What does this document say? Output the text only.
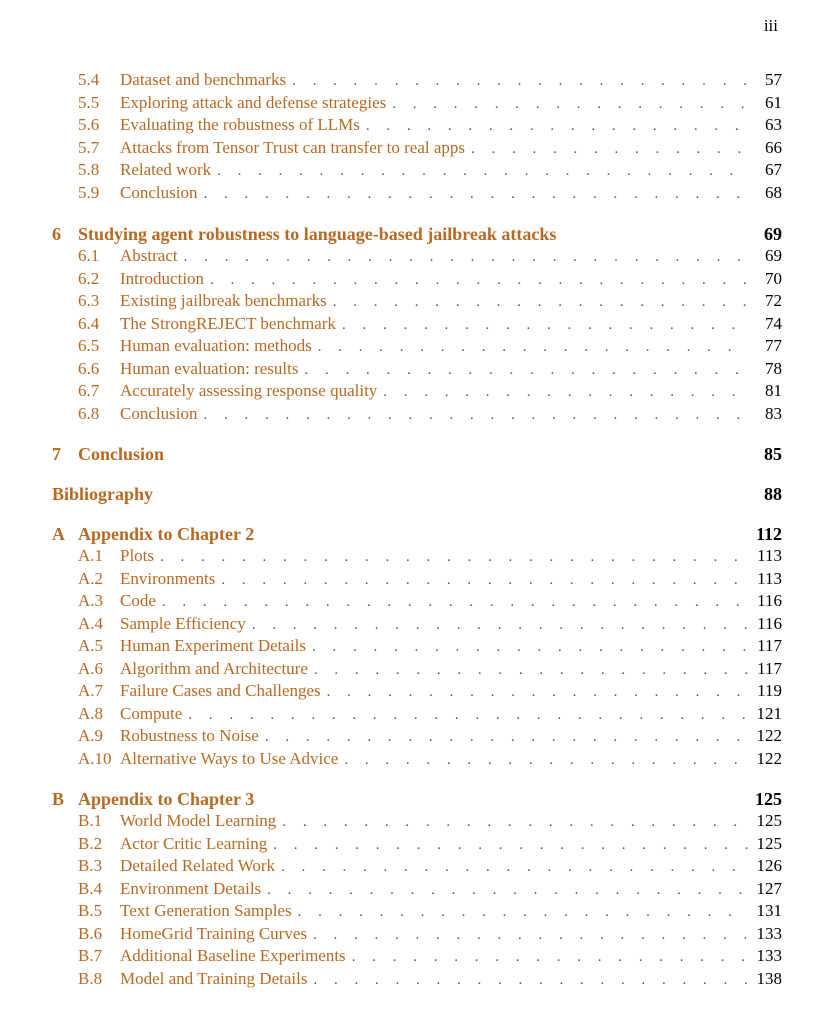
iii
5.4	Dataset and benchmarks . . .	57
5.5	Exploring attack and defense strategies . . .	61
5.6	Evaluating the robustness of LLMs . . .	63
5.7	Attacks from Tensor Trust can transfer to real apps . . .	66
5.8	Related work . . .	67
5.9	Conclusion . . .	68
6 Studying agent robustness to language-based jailbreak attacks	69
6.1	Abstract . . .	69
6.2	Introduction . . .	70
6.3	Existing jailbreak benchmarks . . .	72
6.4	The StrongREJECT benchmark . . .	74
6.5	Human evaluation: methods . . .	77
6.6	Human evaluation: results . . .	78
6.7	Accurately assessing response quality . . .	81
6.8	Conclusion . . .	83
7 Conclusion	85
Bibliography	88
A Appendix to Chapter 2	112
A.1 Plots . . .	113
A.2 Environments . . .	113
A.3 Code . . .	116
A.4 Sample Efficiency . . .	116
A.5 Human Experiment Details . . .	117
A.6 Algorithm and Architecture . . .	117
A.7 Failure Cases and Challenges . . .	119
A.8 Compute . . .	121
A.9 Robustness to Noise . . .	122
A.10 Alternative Ways to Use Advice . . .	122
B Appendix to Chapter 3	125
B.1	World Model Learning . . .	125
B.2	Actor Critic Learning . . .	125
B.3	Detailed Related Work . . .	126
B.4	Environment Details . . .	127
B.5	Text Generation Samples . . .	131
B.6	HomeGrid Training Curves . . .	133
B.7	Additional Baseline Experiments . . .	133
B.8	Model and Training Details . . .	138
